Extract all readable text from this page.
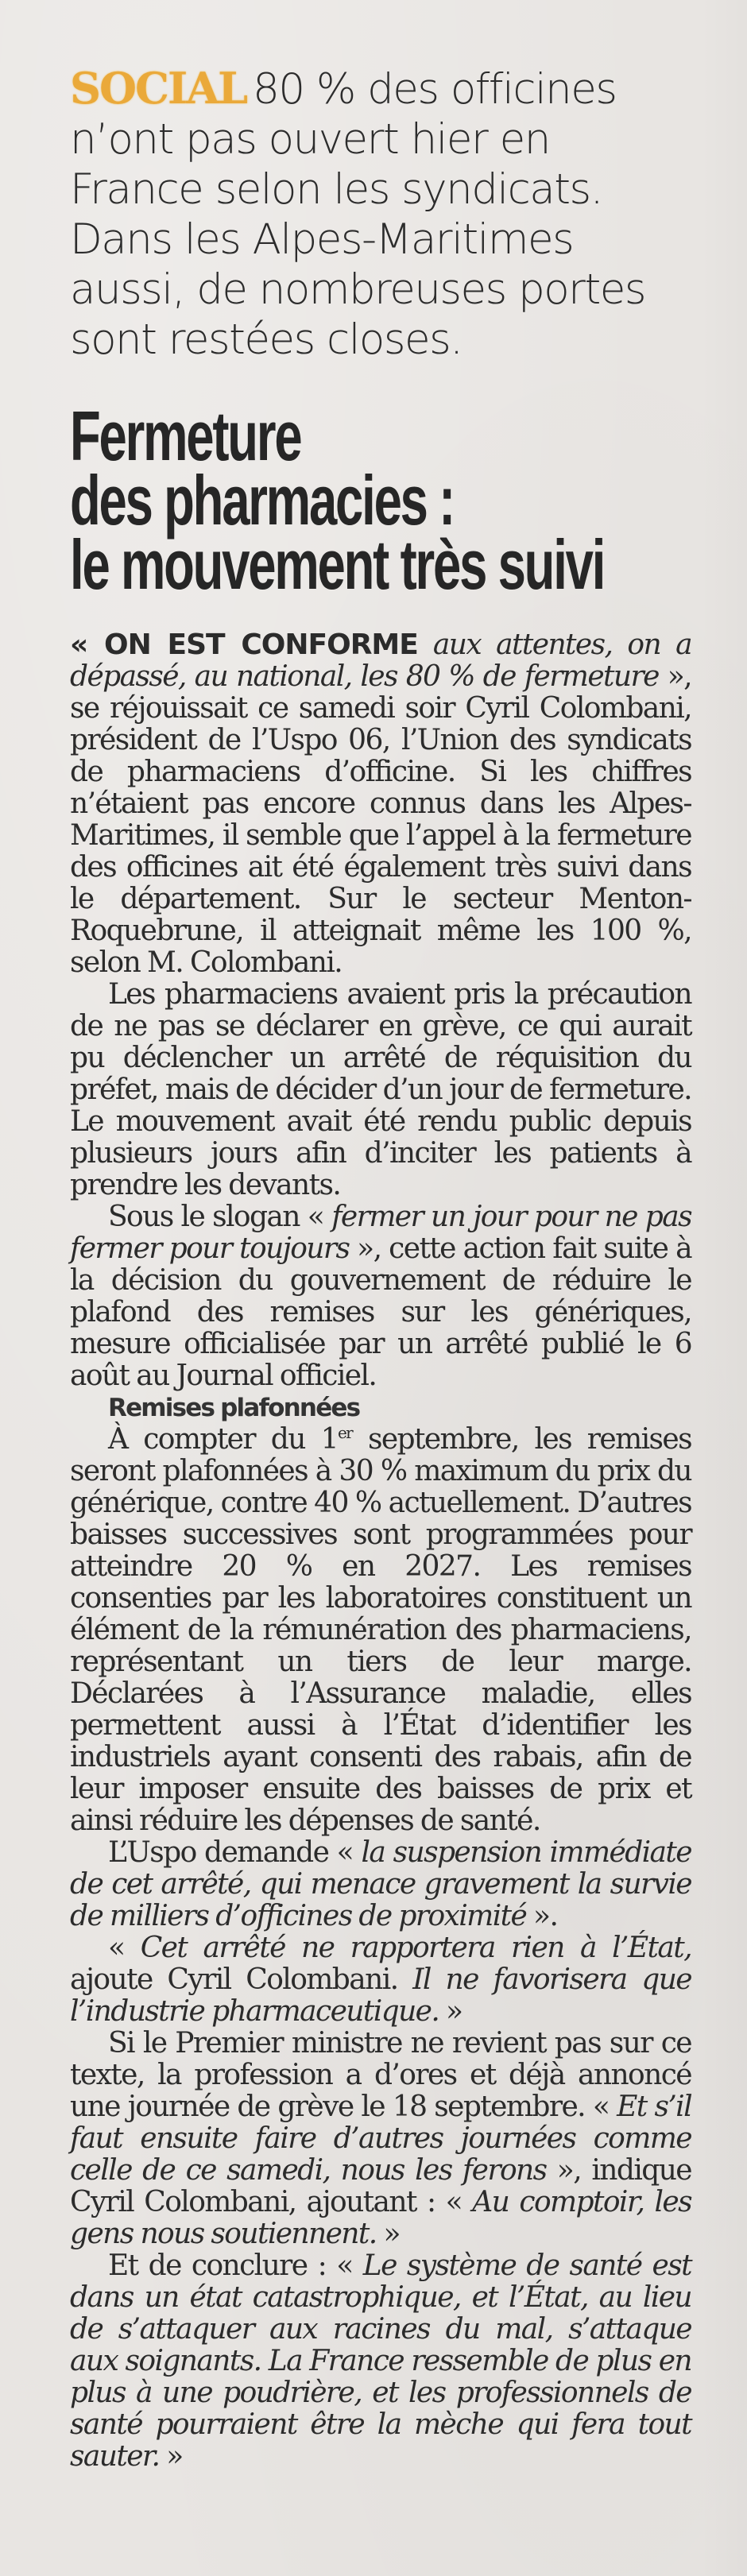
SOCIAL 80 % des officines n’ont pas ouvert hier en France selon les syndicats. Dans les Alpes-Maritimes aussi, de nombreuses portes sont restées closes.
Fermeture
des pharmacies :
le mouvement très suivi

« ON EST CONFORME aux attentes, on a dépassé, au national, les 80 % de fermeture », se réjouissait ce samedi soir Cyril Colombani, président de l’Uspo 06, l’Union des syndicats de pharmaciens d’officine. Si les chiffres n’étaient pas encore connus dans les Alpes-Maritimes, il semble que l’appel à la fermeture des officines ait été également très suivi dans le département. Sur le secteur Menton-Roquebrune, il atteignait même les 100 %, selon M. Colombani.

Les pharmaciens avaient pris la précaution de ne pas se déclarer en grève, ce qui aurait pu déclencher un arrêté de réquisition du préfet, mais de décider d’un jour de fermeture. Le mouvement avait été rendu public depuis plusieurs jours afin d’inciter les patients à prendre les devants.

Sous le slogan « fermer un jour pour ne pas fermer pour toujours », cette action fait suite à la décision du gouvernement de réduire le plafond des remises sur les génériques, mesure officialisée par un arrêté publié le 6 août au Journal officiel.

Remises plafonnées

À compter du 1er septembre, les remises seront plafonnées à 30 % maximum du prix du générique, contre 40 % actuellement. D’autres baisses successives sont programmées pour atteindre 20 % en 2027. Les remises consenties par les laboratoires constituent un élément de la rémunération des pharmaciens, représentant un tiers de leur marge. Déclarées à l’Assurance maladie, elles permettent aussi à l’État d’identifier les industriels ayant consenti des rabais, afin de leur imposer ensuite des baisses de prix et ainsi réduire les dépenses de santé.

L’Uspo demande « la suspension immédiate de cet arrêté, qui menace gravement la survie de milliers d’officines de proximité ».

« Cet arrêté ne rapportera rien à l’État, ajoute Cyril Colombani. Il ne favorisera que l’industrie pharmaceutique. »

Si le Premier ministre ne revient pas sur ce texte, la profession a d’ores et déjà annoncé une journée de grève le 18 septembre. « Et s’il faut ensuite faire d’autres journées comme celle de ce samedi, nous les ferons », indique Cyril Colombani, ajoutant : « Au comptoir, les gens nous soutiennent. »

Et de conclure : « Le système de santé est dans un état catastrophique, et l’État, au lieu de s’attaquer aux racines du mal, s’attaque aux soignants. La France ressemble de plus en plus à une poudrière, et les professionnels de santé pourraient être la mèche qui fera tout sauter. »
